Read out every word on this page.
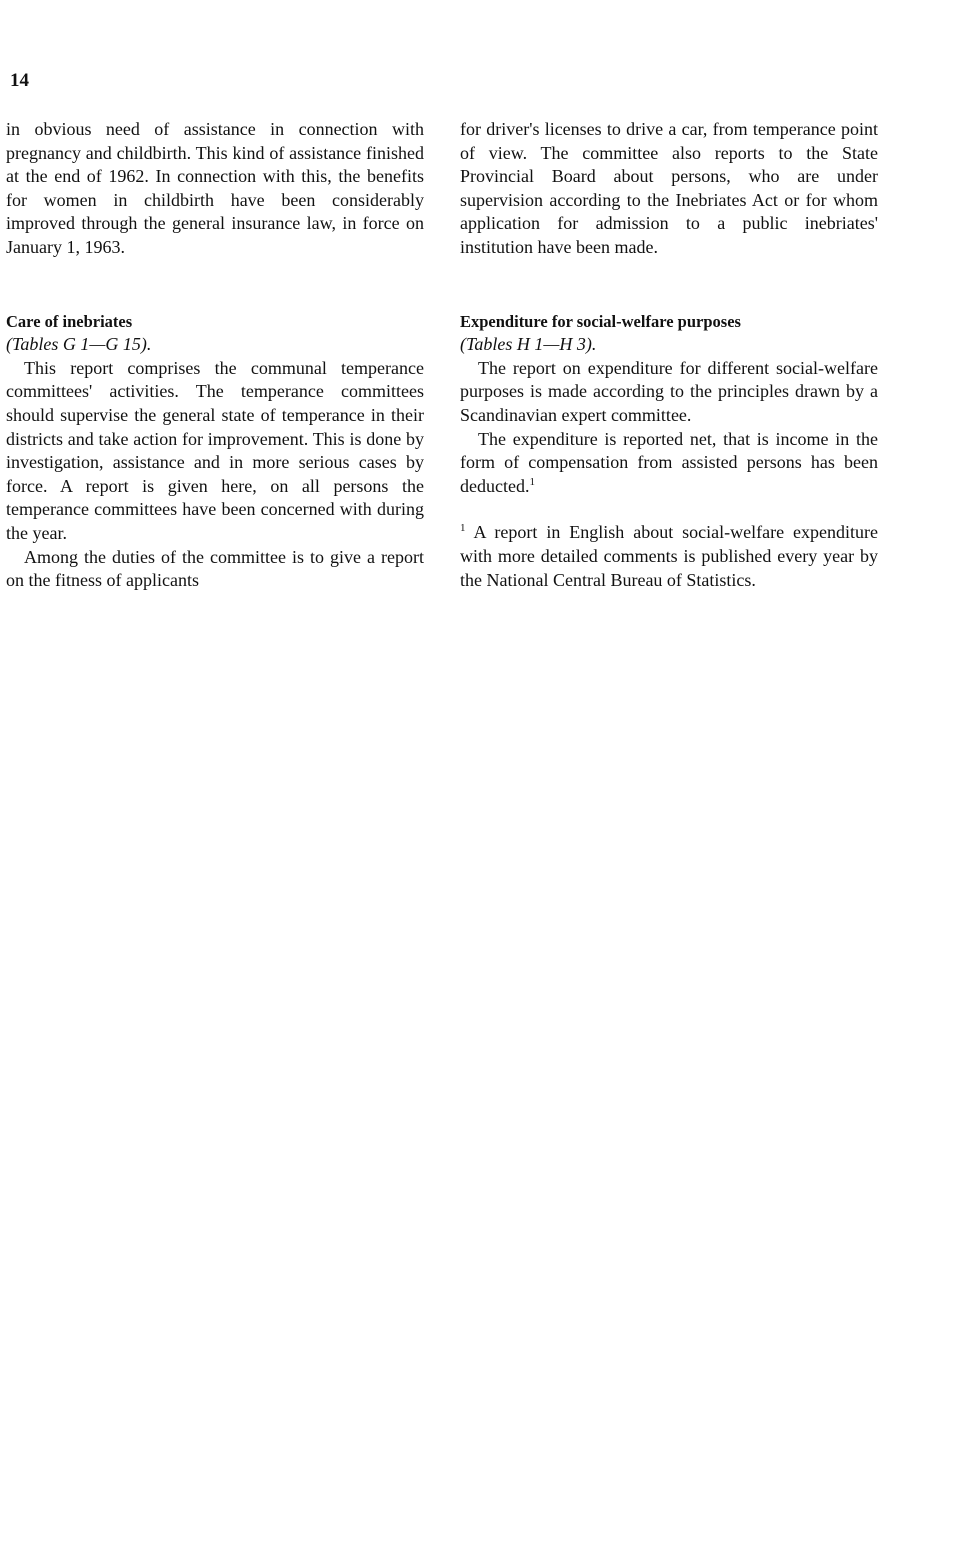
14

in obvious need of assistance in connection with pregnancy and childbirth. This kind of assistance finished at the end of 1962. In connection with this, the benefits for women in childbirth have been considerably improved through the general insurance law, in force on January 1, 1963.

Care of inebriates

(Tables G 1—G 15).

This report comprises the communal temperance committees' activities. The temperance committees should supervise the general state of temperance in their districts and take action for improvement. This is done by investigation, assistance and in more serious cases by force. A report is given here, on all persons the temperance committees have been concerned with during the year.

Among the duties of the committee is to give a report on the fitness of applicants

for driver's licenses to drive a car, from temperance point of view. The committee also reports to the State Provincial Board about persons, who are under supervision according to the Inebriates Act or for whom application for admission to a public inebriates' institution have been made.

Expenditure for social-welfare purposes

(Tables H 1—H 3).

The report on expenditure for different social-welfare purposes is made according to the principles drawn by a Scandinavian expert committee.

The expenditure is reported net, that is income in the form of compensation from assisted persons has been deducted.$^1$

$^1$ A report in English about social-welfare expenditure with more detailed comments is published every year by the National Central Bureau of Statistics.
